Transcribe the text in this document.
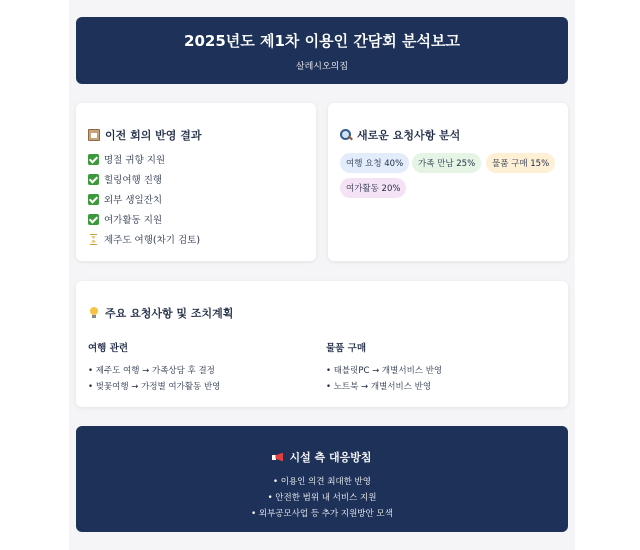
2025년도 제1차 이용인 간담회 분석보고
살레시오의집
이전 회의 반영 결과
명절 귀향 지원
힐링여행 진행
외부 생일잔치
여가활동 지원
제주도 여행(차기 검토)
새로운 요청사항 분석
여행 요청 40%	가족 만남 25%	물품 구매 15%
여가활동 20%
주요 요청사항 및 조치계획
여행 관련
• 제주도 여행 → 가족상담 후 결정
• 벚꽃여행 → 가정별 여가활동 반영
물품 구매
• 태블릿PC → 개별서비스 반영
• 노트북 → 개별서비스 반영
시설 측 대응방침
• 이용인 의견 최대한 반영
• 안전한 범위 내 서비스 지원
• 외부공모사업 등 추가 지원방안 모색
